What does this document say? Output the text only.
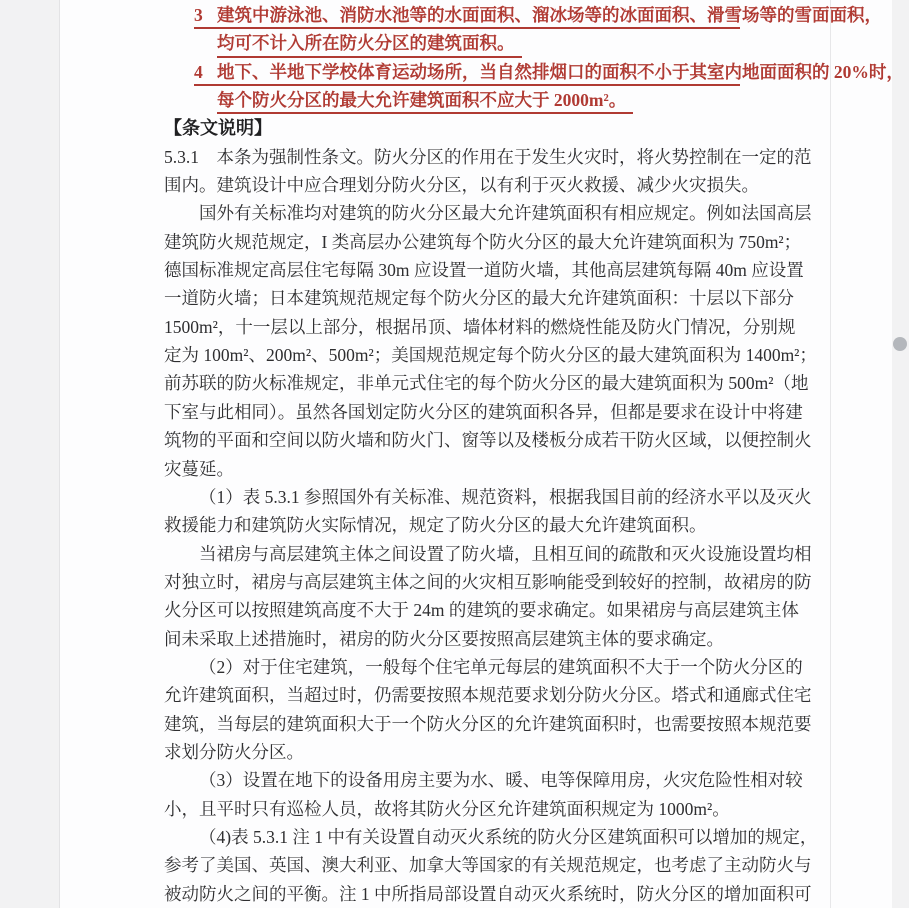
3 建筑中游泳池、消防水池等的水面面积、溜冰场等的冰面面积、滑雪场等的雪面面积，
均可不计入所在防火分区的建筑面积。
4 地下、半地下学校体育运动场所，当自然排烟口的面积不小于其室内地面面积的 20%时，
每个防火分区的最大允许建筑面积不应大于 2000m²。
【条文说明】
5.3.1　本条为强制性条文。防火分区的作用在于发生火灾时，将火势控制在一定的范
围内。建筑设计中应合理划分防火分区，以有利于灭火救援、减少火灾损失。
国外有关标准均对建筑的防火分区最大允许建筑面积有相应规定。例如法国高层
建筑防火规范规定，I 类高层办公建筑每个防火分区的最大允许建筑面积为 750m²；
德国标准规定高层住宅每隔 30m 应设置一道防火墙，其他高层建筑每隔 40m 应设置
一道防火墙；日本建筑规范规定每个防火分区的最大允许建筑面积：十层以下部分
1500m²，十一层以上部分，根据吊顶、墙体材料的燃烧性能及防火门情况，分别规
定为 100m²、200m²、500m²；美国规范规定每个防火分区的最大建筑面积为 1400m²；
前苏联的防火标准规定，非单元式住宅的每个防火分区的最大建筑面积为 500m²（地
下室与此相同）。虽然各国划定防火分区的建筑面积各异，但都是要求在设计中将建
筑物的平面和空间以防火墙和防火门、窗等以及楼板分成若干防火区域，以便控制火
灾蔓延。
（1）表 5.3.1 参照国外有关标准、规范资料，根据我国目前的经济水平以及灭火
救援能力和建筑防火实际情况，规定了防火分区的最大允许建筑面积。
当裙房与高层建筑主体之间设置了防火墙，且相互间的疏散和灭火设施设置均相
对独立时，裙房与高层建筑主体之间的火灾相互影响能受到较好的控制，故裙房的防
火分区可以按照建筑高度不大于 24m 的建筑的要求确定。如果裙房与高层建筑主体
间未采取上述措施时，裙房的防火分区要按照高层建筑主体的要求确定。
（2）对于住宅建筑，一般每个住宅单元每层的建筑面积不大于一个防火分区的
允许建筑面积，当超过时，仍需要按照本规范要求划分防火分区。塔式和通廊式住宅
建筑，当每层的建筑面积大于一个防火分区的允许建筑面积时，也需要按照本规范要
求划分防火分区。
（3）设置在地下的设备用房主要为水、暖、电等保障用房，火灾危险性相对较
小，且平时只有巡检人员，故将其防火分区允许建筑面积规定为 1000m²。
（4)表 5.3.1 注 1 中有关设置自动灭火系统的防火分区建筑面积可以增加的规定，
参考了美国、英国、澳大利亚、加拿大等国家的有关规范规定，也考虑了主动防火与
被动防火之间的平衡。注 1 中所指局部设置自动灭火系统时，防火分区的增加面积可
